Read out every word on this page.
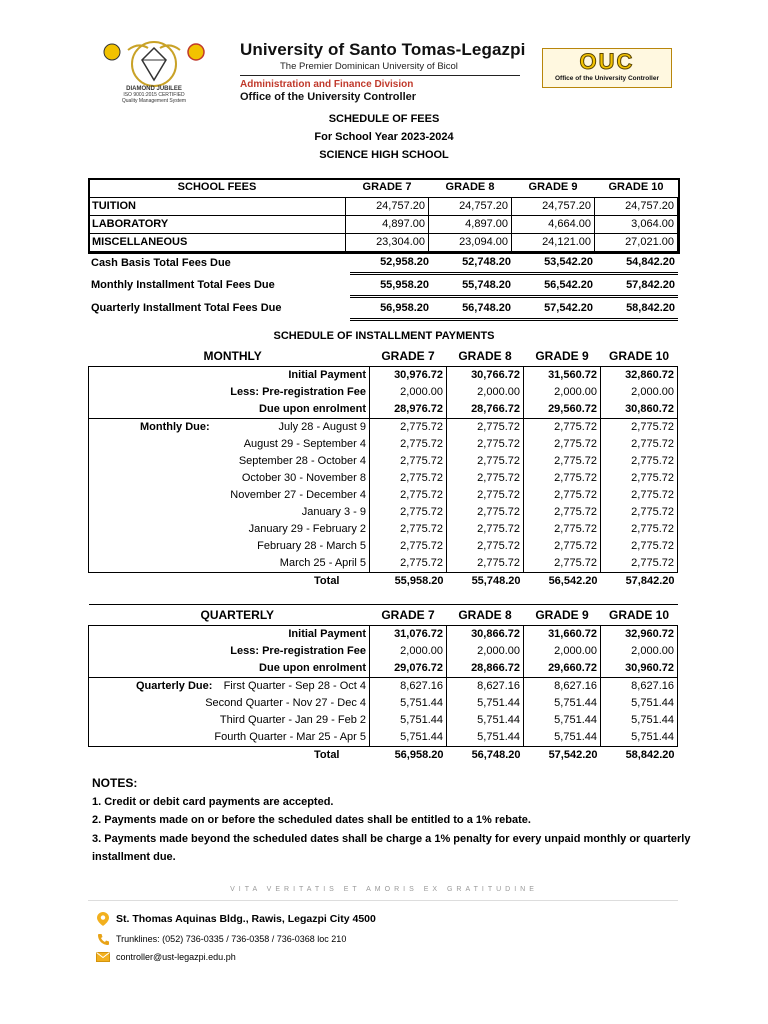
DIAMOND JUBILEE
ISO 9001:2015 CERTIFIED
Quality Management System
University of Santo Tomas-Legazpi
The Premier Dominican University of Bicol
Administration and Finance Division
Office of the University Controller
OUC
Office of the University Controller
SCHEDULE OF FEES
For School Year 2023-2024
SCIENCE HIGH SCHOOL
SCHOOL FEES	GRADE 7	GRADE 8	GRADE 9	GRADE 10
TUITION	24,757.20	24,757.20	24,757.20	24,757.20
LABORATORY	4,897.00	4,897.00	4,664.00	3,064.00
MISCELLANEOUS	23,304.00	23,094.00	24,121.00	27,021.00
Cash Basis Total Fees Due	52,958.20	52,748.20	53,542.20	54,842.20
Monthly Installment Total Fees Due	55,958.20	55,748.20	56,542.20	57,842.20
Quarterly Installment Total Fees Due	56,958.20	56,748.20	57,542.20	58,842.20
SCHEDULE OF INSTALLMENT PAYMENTS
MONTHLY	GRADE 7	GRADE 8	GRADE 9	GRADE 10
Initial Payment	30,976.72	30,766.72	31,560.72	32,860.72
Less: Pre-registration Fee	2,000.00	2,000.00	2,000.00	2,000.00
Due upon enrolment	28,976.72	28,766.72	29,560.72	30,860.72

Monthly Due: July 28 - August 9	2,775.72	2,775.72	2,775.72	2,775.72
August 29 - September 4	2,775.72	2,775.72	2,775.72	2,775.72
September 28 - October 4	2,775.72	2,775.72	2,775.72	2,775.72
October 30 - November 8	2,775.72	2,775.72	2,775.72	2,775.72
November 27 - December 4	2,775.72	2,775.72	2,775.72	2,775.72
January 3 - 9	2,775.72	2,775.72	2,775.72	2,775.72
January 29 - February 2	2,775.72	2,775.72	2,775.72	2,775.72
February 28 - March 5	2,775.72	2,775.72	2,775.72	2,775.72
March 25 - April 5	2,775.72	2,775.72	2,775.72	2,775.72
Total	55,958.20	55,748.20	56,542.20	57,842.20
QUARTERLY	GRADE 7	GRADE 8	GRADE 9	GRADE 10
Initial Payment	31,076.72	30,866.72	31,660.72	32,960.72
Less: Pre-registration Fee	2,000.00	2,000.00	2,000.00	2,000.00
Due upon enrolment	29,076.72	28,866.72	29,660.72	30,960.72

Quarterly Due: First Quarter - Sep 28 - Oct 4	8,627.16	8,627.16	8,627.16	8,627.16
Second Quarter - Nov 27 - Dec 4	5,751.44	5,751.44	5,751.44	5,751.44
Third Quarter - Jan 29 - Feb 2	5,751.44	5,751.44	5,751.44	5,751.44
Fourth Quarter - Mar 25 - Apr 5	5,751.44	5,751.44	5,751.44	5,751.44
Total	56,958.20	56,748.20	57,542.20	58,842.20
NOTES:
1. Credit or debit card payments are accepted.
2. Payments made on or before the scheduled dates shall be entitled to a 1% rebate.
3. Payments made beyond the scheduled dates shall be charge a 1% penalty for every unpaid monthly or quarterly installment due.
VITA VERITATIS ET AMORIS EX GRATITUDINE
St. Thomas Aquinas Bldg., Rawis, Legazpi City 4500
Trunklines: (052) 736-0335 / 736-0358 / 736-0368 loc 210
controller@ust-legazpi.edu.ph
